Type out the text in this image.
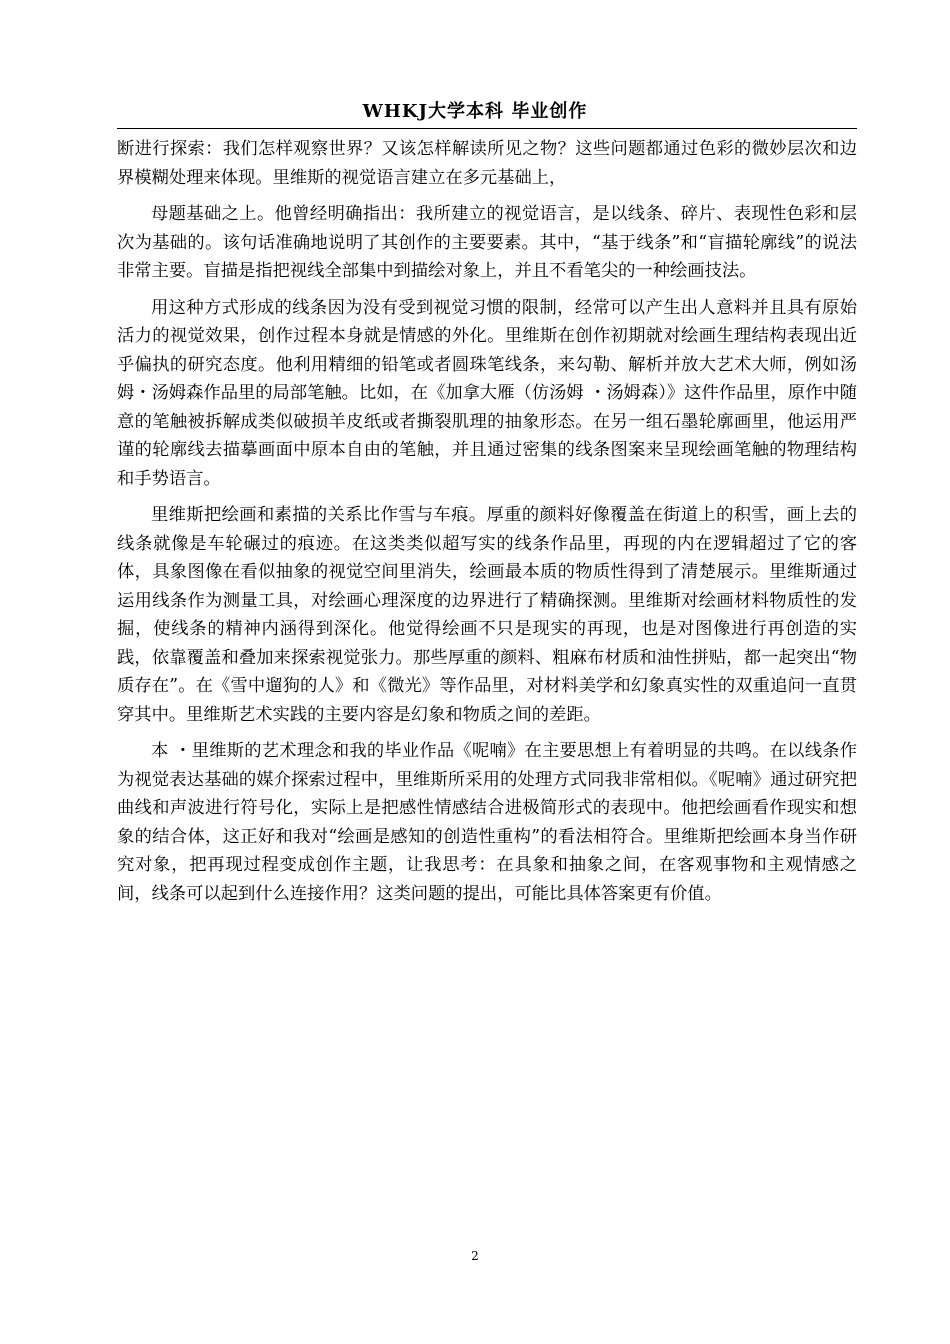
WHKJ大学本科 毕业创作

断进行探索：我们怎样观察世界？又该怎样解读所见之物？这些问题都通过色彩的微妙层次和边界模糊处理来体现。里维斯的视觉语言建立在多元基础上，

母题基础之上。他曾经明确指出：我所建立的视觉语言，是以线条、碎片、表现性色彩和层次为基础的。该句话准确地说明了其创作的主要要素。其中，“基于线条”和“盲描轮廓线”的说法非常主要。盲描是指把视线全部集中到描绘对象上，并且不看笔尖的一种绘画技法。

用这种方式形成的线条因为没有受到视觉习惯的限制，经常可以产生出人意料并且具有原始活力的视觉效果，创作过程本身就是情感的外化。里维斯在创作初期就对绘画生理结构表现出近乎偏执的研究态度。他利用精细的铅笔或者圆珠笔线条，来勾勒、解析并放大艺术大师，例如汤姆・汤姆森作品里的局部笔触。比如，在《加拿大雁（仿汤姆 ・汤姆森）》这件作品里，原作中随意的笔触被拆解成类似破损羊皮纸或者撕裂肌理的抽象形态。在另一组石墨轮廓画里，他运用严谨的轮廓线去描摹画面中原本自由的笔触，并且通过密集的线条图案来呈现绘画笔触的物理结构和手势语言。

里维斯把绘画和素描的关系比作雪与车痕。厚重的颜料好像覆盖在街道上的积雪，画上去的线条就像是车轮碾过的痕迹。在这类类似超写实的线条作品里，再现的内在逻辑超过了它的客体，具象图像在看似抽象的视觉空间里消失，绘画最本质的物质性得到了清楚展示。里维斯通过运用线条作为测量工具，对绘画心理深度的边界进行了精确探测。里维斯对绘画材料物质性的发掘，使线条的精神内涵得到深化。他觉得绘画不只是现实的再现，也是对图像进行再创造的实践，依靠覆盖和叠加来探索视觉张力。那些厚重的颜料、粗麻布材质和油性拼贴，都一起突出“物质存在”。在《雪中遛狗的人》和《微光》等作品里，对材料美学和幻象真实性的双重追问一直贯穿其中。里维斯艺术实践的主要内容是幻象和物质之间的差距。

本 ・里维斯的艺术理念和我的毕业作品《呢喃》在主要思想上有着明显的共鸣。在以线条作为视觉表达基础的媒介探索过程中，里维斯所采用的处理方式同我非常相似。《呢喃》通过研究把曲线和声波进行符号化，实际上是把感性情感结合进极简形式的表现中。他把绘画看作现实和想象的结合体，这正好和我对“绘画是感知的创造性重构”的看法相符合。里维斯把绘画本身当作研究对象，把再现过程变成创作主题，让我思考：在具象和抽象之间，在客观事物和主观情感之间，线条可以起到什么连接作用？这类问题的提出，可能比具体答案更有价值。

2
